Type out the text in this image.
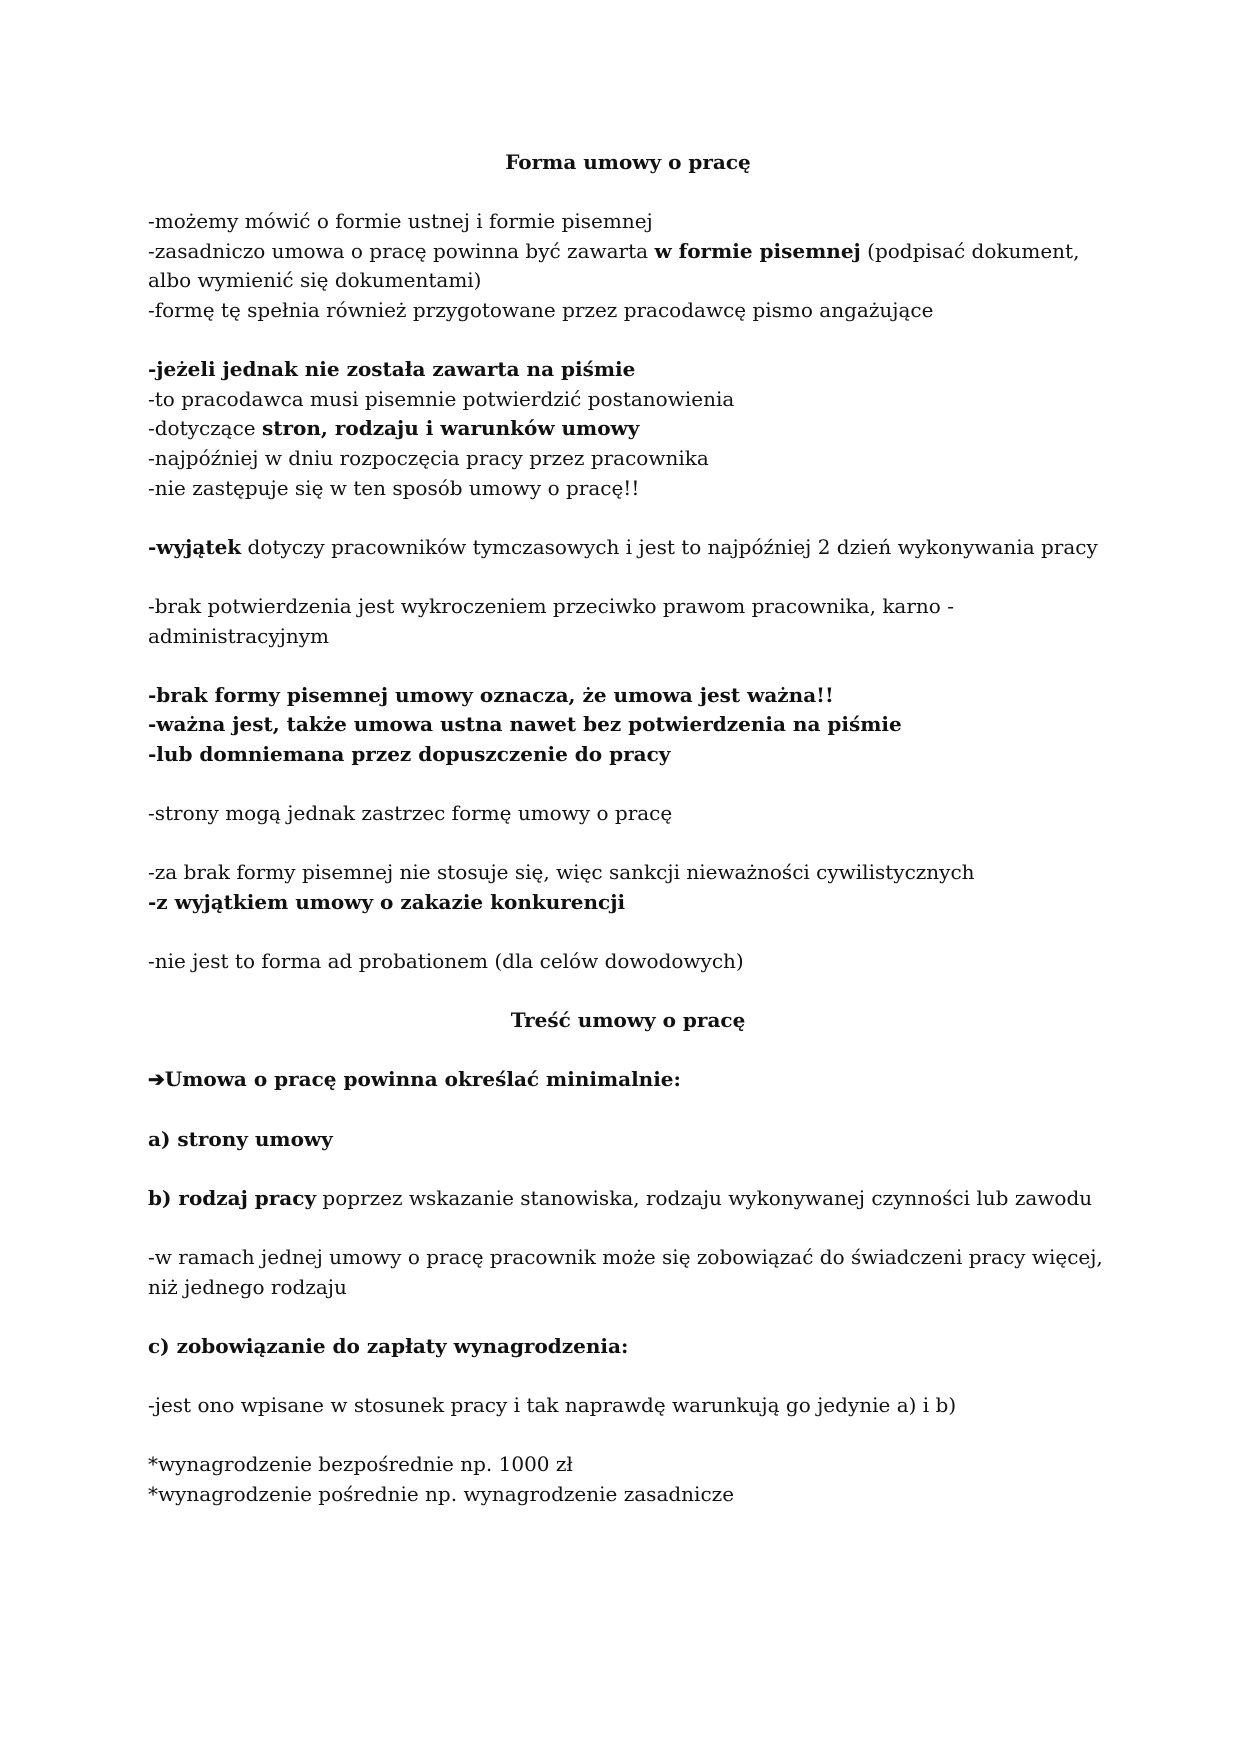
Forma umowy o pracę

-możemy mówić o formie ustnej i formie pisemnej
-zasadniczo umowa o pracę powinna być zawarta w formie pisemnej (podpisać dokument, albo wymienić się dokumentami)
-formę tę spełnia również przygotowane przez pracodawcę pismo angażujące

-jeżeli jednak nie została zawarta na piśmie
-to pracodawca musi pisemnie potwierdzić postanowienia
-dotyczące stron, rodzaju i warunków umowy
-najpóźniej w dniu rozpoczęcia pracy przez pracownika
-nie zastępuje się w ten sposób umowy o pracę!!

-wyjątek dotyczy pracowników tymczasowych i jest to najpóźniej 2 dzień wykonywania pracy

-brak potwierdzenia jest wykroczeniem przeciwko prawom pracownika, karno - administracyjnym

-brak formy pisemnej umowy oznacza, że umowa jest ważna!!
-ważna jest, także umowa ustna nawet bez potwierdzenia na piśmie
-lub domniemana przez dopuszczenie do pracy

-strony mogą jednak zastrzec formę umowy o pracę

-za brak formy pisemnej nie stosuje się, więc sankcji nieważności cywilistycznych
-z wyjątkiem umowy o zakazie konkurencji

-nie jest to forma ad probationem (dla celów dowodowych)

Treść umowy o pracę

➔Umowa o pracę powinna określać minimalnie:

a) strony umowy

b) rodzaj pracy poprzez wskazanie stanowiska, rodzaju wykonywanej czynności lub zawodu

-w ramach jednej umowy o pracę pracownik może się zobowiązać do świadczeni pracy więcej, niż jednego rodzaju

c) zobowiązanie do zapłaty wynagrodzenia:

-jest ono wpisane w stosunek pracy i tak naprawdę warunkują go jedynie a) i b)

*wynagrodzenie bezpośrednie np. 1000 zł
*wynagrodzenie pośrednie np. wynagrodzenie zasadnicze
